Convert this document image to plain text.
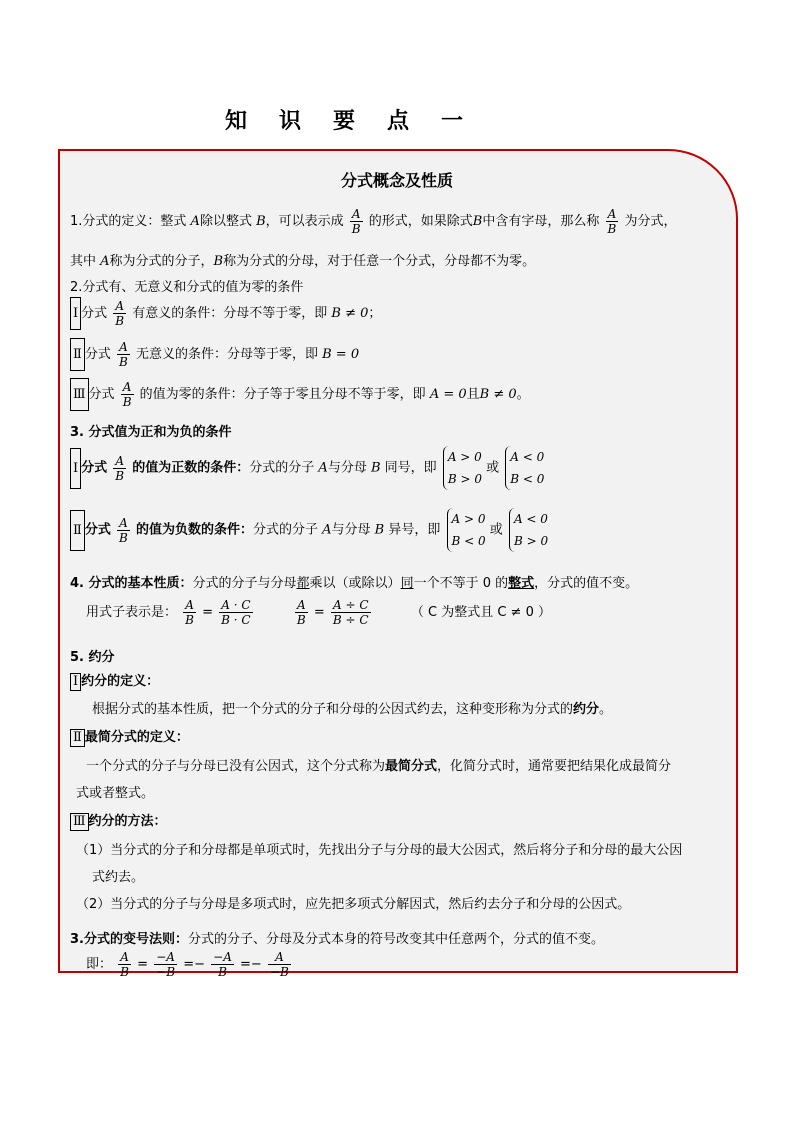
知识要点一
分式概念及性质
1.分式的定义：整式 A除以整式 B，可以表示成 $\frac{A}{B}$ 的形式，如果除式B中含有字母，那么称 $\frac{A}{B}$ 为分式，
其中 A称为分式的分子，B称为分式的分母，对于任意一个分式，分母都不为零。
2.分式有、无意义和分式的值为零的条件
Ⅰ 分式 $\frac{A}{B}$ 有意义的条件：分母不等于零，即 B ≠ 0；
Ⅱ 分式 $\frac{A}{B}$ 无意义的条件：分母等于零，即 B = 0
Ⅲ 分式 $\frac{A}{B}$ 的值为零的条件：分子等于零且分母不等于零，即 A = 0且B ≠ 0。
3. 分式值为正和为负的条件
Ⅰ 分式 $\frac{A}{B}$ 的值为正数的条件：分式的分子 A与分母 B 同号，即
A > 0
B > 0
或
A < 0
B < 0
Ⅱ 分式 $\frac{A}{B}$ 的值为负数的条件：分式的分子 A与分母 B 异号，即
A > 0
B < 0
或
A < 0
B > 0
4. 分式的基本性质：分式的分子与分母都乘以（或除以）同一个不等于 0 的整式，分式的值不变。
用式子表示是： $\frac{A}{B} = \frac{A \cdot C}{B \cdot C}$
	$\frac{A}{B} = \frac{A \div C}{B \div C}$	（ C 为整式且 C ≠ 0 ）
5. 约分
Ⅰ 约分的定义：
根据分式的基本性质，把一个分式的分子和分母的公因式约去，这种变形称为分式的约分。
Ⅱ 最简分式的定义：
一个分式的分子与分母已没有公因式，这个分式称为最简分式，化简分式时，通常要把结果化成最简分
式或者整式。
Ⅲ 约分的方法：
（1）当分式的分子和分母都是单项式时，先找出分子与分母的最大公因式，然后将分子和分母的最大公因
式约去。
（2）当分式的分子与分母是多项式时，应先把多项式分解因式，然后约去分子和分母的公因式。
3.分式的变号法则：分式的分子、分母及分式本身的符号改变其中任意两个，分式的值不变。
即： $\frac{A}{B} = \frac{-A}{-B} =- \frac{-A}{B} =- \frac{A}{-B}$
